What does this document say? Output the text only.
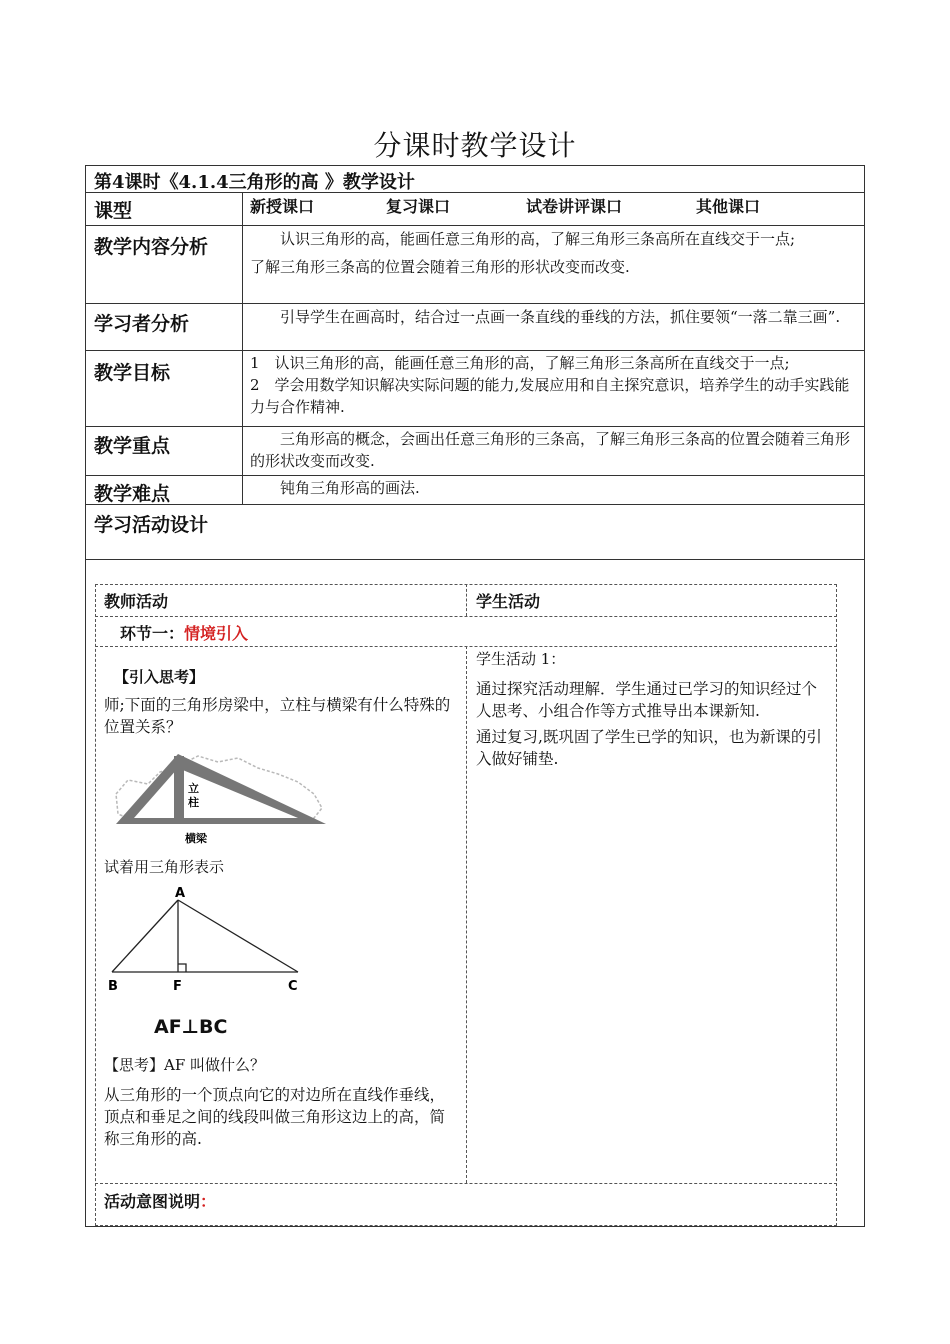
分课时教学设计
第4课时《4.1.4三角形的高 》教学设计
课型	新授课口	复习课口	试卷讲评课口	其他课口
教学内容分析	认识三角形的高，能画任意三角形的高，了解三角形三条高所在直线交于一点;

了解三角形三条高的位置会随着三角形的形状改变而改变.

学习者分析	引导学生在画高时，结合过一点画一条直线的垂线的方法，抓住要领“一落二靠三画”.

教学目标	1　认识三角形的高，能画任意三角形的高，了解三角形三条高所在直线交于一点;

2　学会用数学知识解决实际问题的能力,发展应用和自主探究意识，培养学生的动手实践能力与合作精神.

教学重点	三角形高的概念，会画出任意三角形的三条高，了解三角形三条高的位置会随着三角形的形状改变而改变.

教学难点	钝角三角形高的画法.

学习活动设计
教师活动	学生活动
环节一：情境引入
【引入思考】
师;下面的三角形房梁中，立柱与横梁有什么特殊的位置关系？
立
柱
横梁
试着用三角形表示
A
B	F	C
AF⊥BC
【思考】AF 叫做什么？
从三角形的一个顶点向它的对边所在直线作垂线，顶点和垂足之间的线段叫做三角形这边上的高，简称三角形的高.
学生活动 1：
通过探究活动理解．学生通过已学习的知识经过个人思考、小组合作等方式推导出本课新知.
通过复习,既巩固了学生已学的知识，也为新课的引入做好铺垫.
活动意图说明：
